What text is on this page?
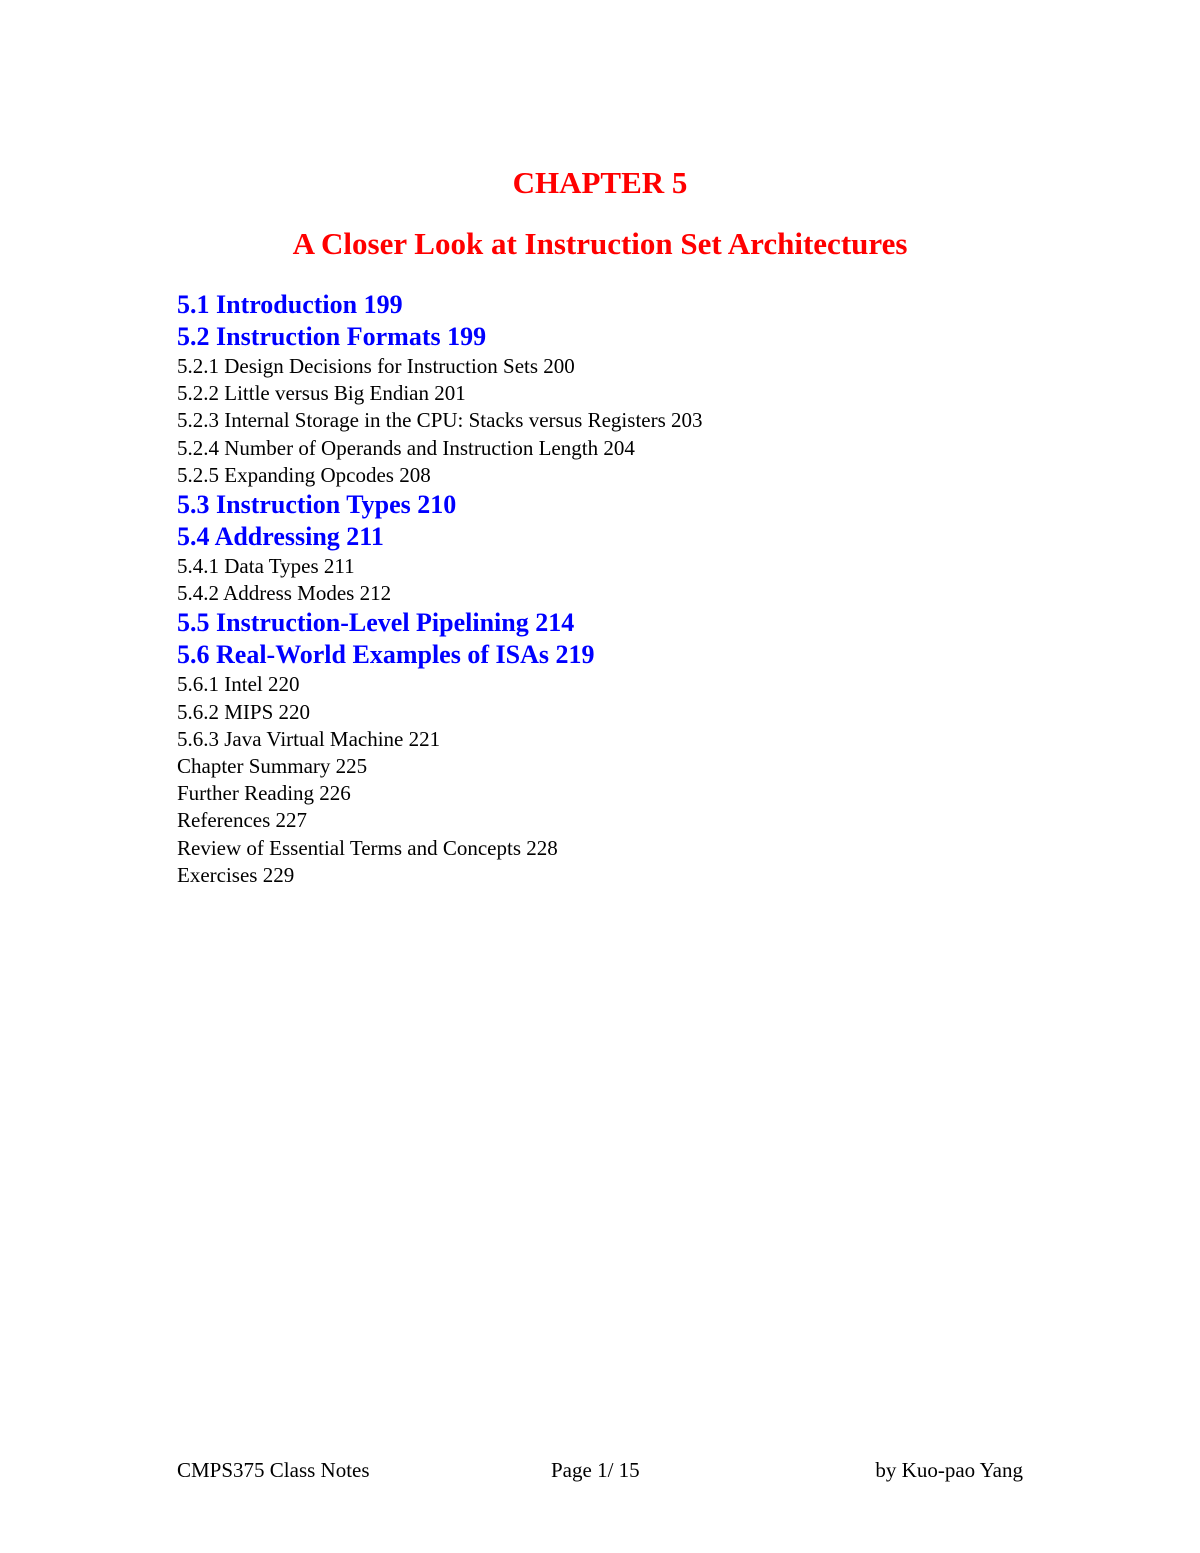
CHAPTER 5
A Closer Look at Instruction Set Architectures
5.1 Introduction 199
5.2 Instruction Formats 199
5.2.1 Design Decisions for Instruction Sets 200
5.2.2 Little versus Big Endian 201
5.2.3 Internal Storage in the CPU: Stacks versus Registers 203
5.2.4 Number of Operands and Instruction Length 204
5.2.5 Expanding Opcodes 208
5.3 Instruction Types 210
5.4 Addressing 211
5.4.1 Data Types 211
5.4.2 Address Modes 212
5.5 Instruction-Level Pipelining 214
5.6 Real-World Examples of ISAs 219
5.6.1 Intel 220
5.6.2 MIPS 220
5.6.3 Java Virtual Machine 221
Chapter Summary 225
Further Reading 226
References 227
Review of Essential Terms and Concepts 228
Exercises 229
CMPS375 Class Notes	Page 1/ 15	by Kuo-pao Yang
